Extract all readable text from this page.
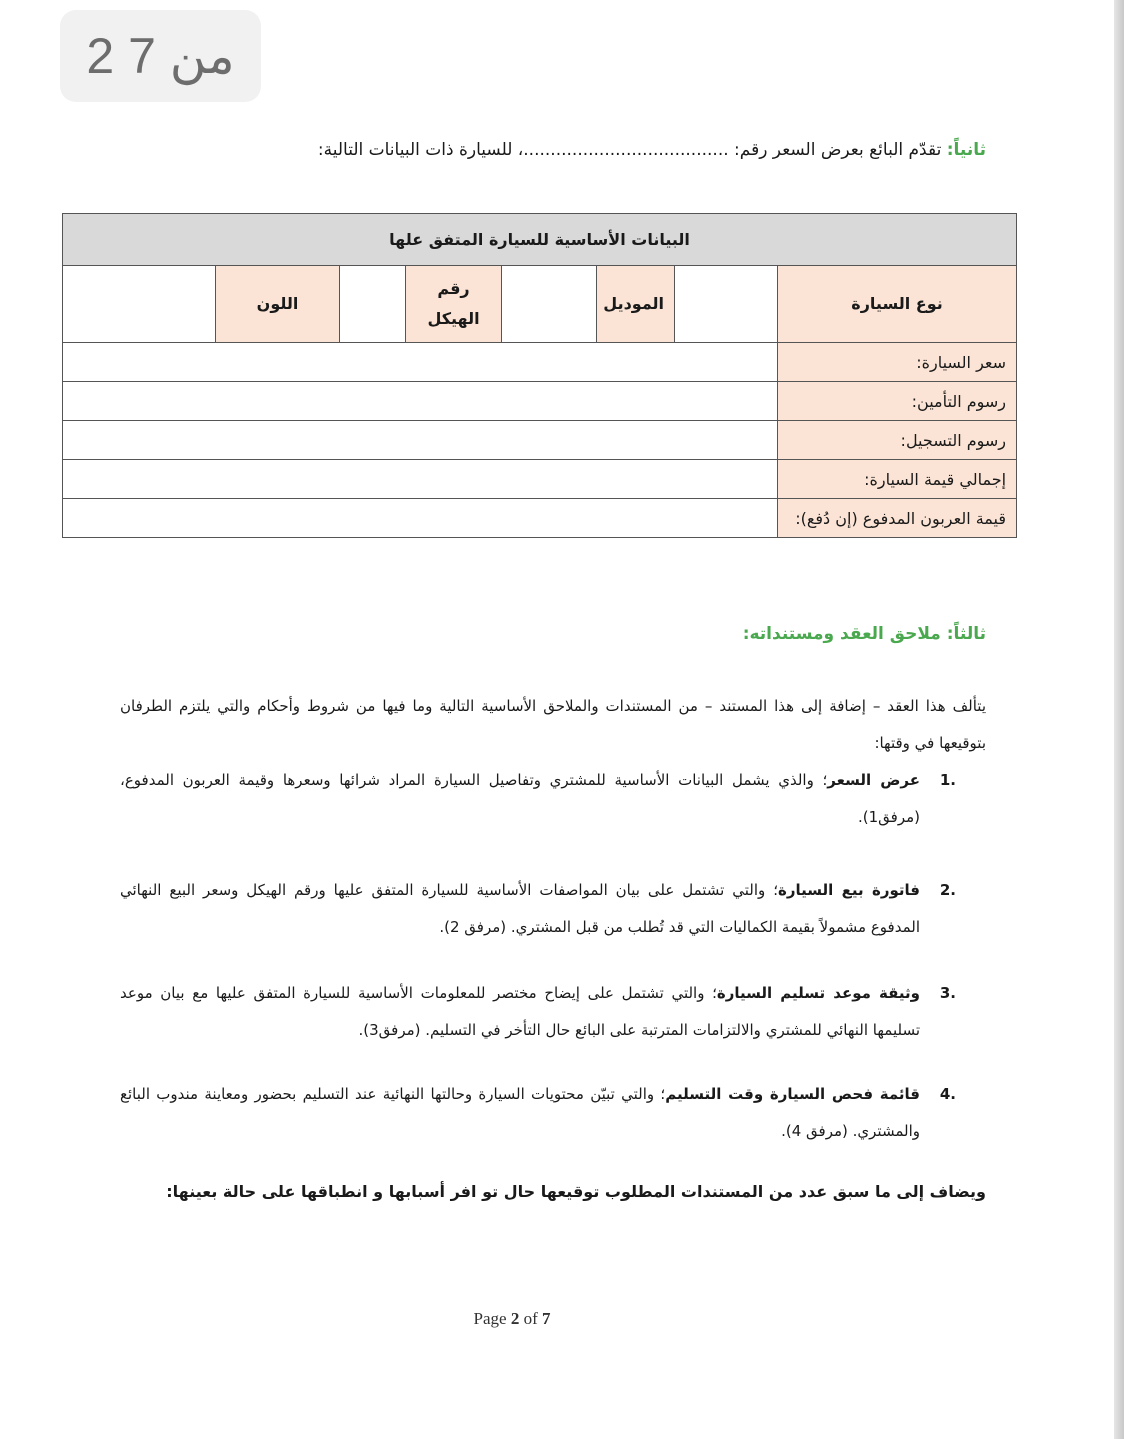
2 من 7
ثانياً: تقدّم البائع بعرض السعر رقم: ......................................، للسيارة ذات البيانات التالية:
البيانات الأساسية للسيارة المتفق علها							
نوع السيارة		الموديل		رقم الهيكل		اللون	
سعر السيارة:							
رسوم التأمين:							
رسوم التسجيل:							
إجمالي قيمة السيارة:							
قيمة العربون المدفوع (إن دُفع):							
ثالثاً: ملاحق العقد ومستنداته:
يتألف هذا العقد – إضافة إلى هذا المستند – من المستندات والملاحق الأساسية التالية وما فيها من شروط وأحكام والتي يلتزم الطرفان بتوقيعها في وقتها:
1.
عرض السعر؛ والذي يشمل البيانات الأساسية للمشتري وتفاصيل السيارة المراد شرائها وسعرها وقيمة العربون المدفوع، (مرفق1).
2.
فاتورة بيع السيارة؛ والتي تشتمل على بيان المواصفات الأساسية للسيارة المتفق عليها ورقم الهيكل وسعر البيع النهائي المدفوع مشمولاً بقيمة الكماليات التي قد تُطلب من قبل المشتري. (مرفق 2).
3.
وثيقة موعد تسليم السيارة؛ والتي تشتمل على إيضاح مختصر للمعلومات الأساسية للسيارة المتفق عليها مع بيان موعد تسليمها النهائي للمشتري والالتزامات المترتبة على البائع حال التأخر في التسليم. (مرفق3).
4.
قائمة فحص السيارة وقت التسليم؛ والتي تبيّن محتويات السيارة وحالتها النهائية عند التسليم بحضور ومعاينة مندوب البائع والمشتري. (مرفق 4).
ويضاف إلى ما سبق عدد من المستندات المطلوب توقيعها حال تو افر أسبابها و انطباقها على حالة بعينها:
Page 2 of 7
